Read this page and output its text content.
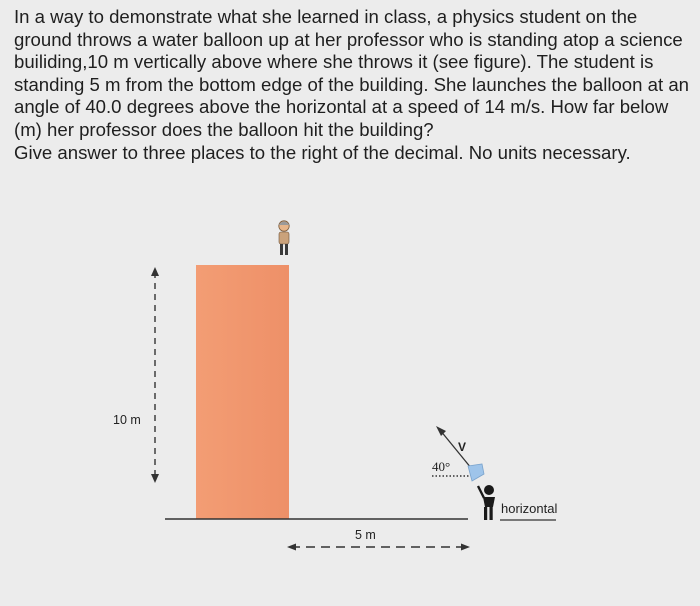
In a way to demonstrate what she learned in class, a physics student on the ground throws a water balloon up at her professor who is standing atop a science builiding,10 m vertically above where she throws it (see figure). The student is standing 5 m from the bottom edge of the building. She launches the balloon at an angle of 40.0 degrees above the horizontal at a speed of 14 m/s. How far below (m) her professor does the balloon hit the building?

Give answer to three places to the right of the decimal. No units necessary.

10 m
5 m
V
40°
horizontal
